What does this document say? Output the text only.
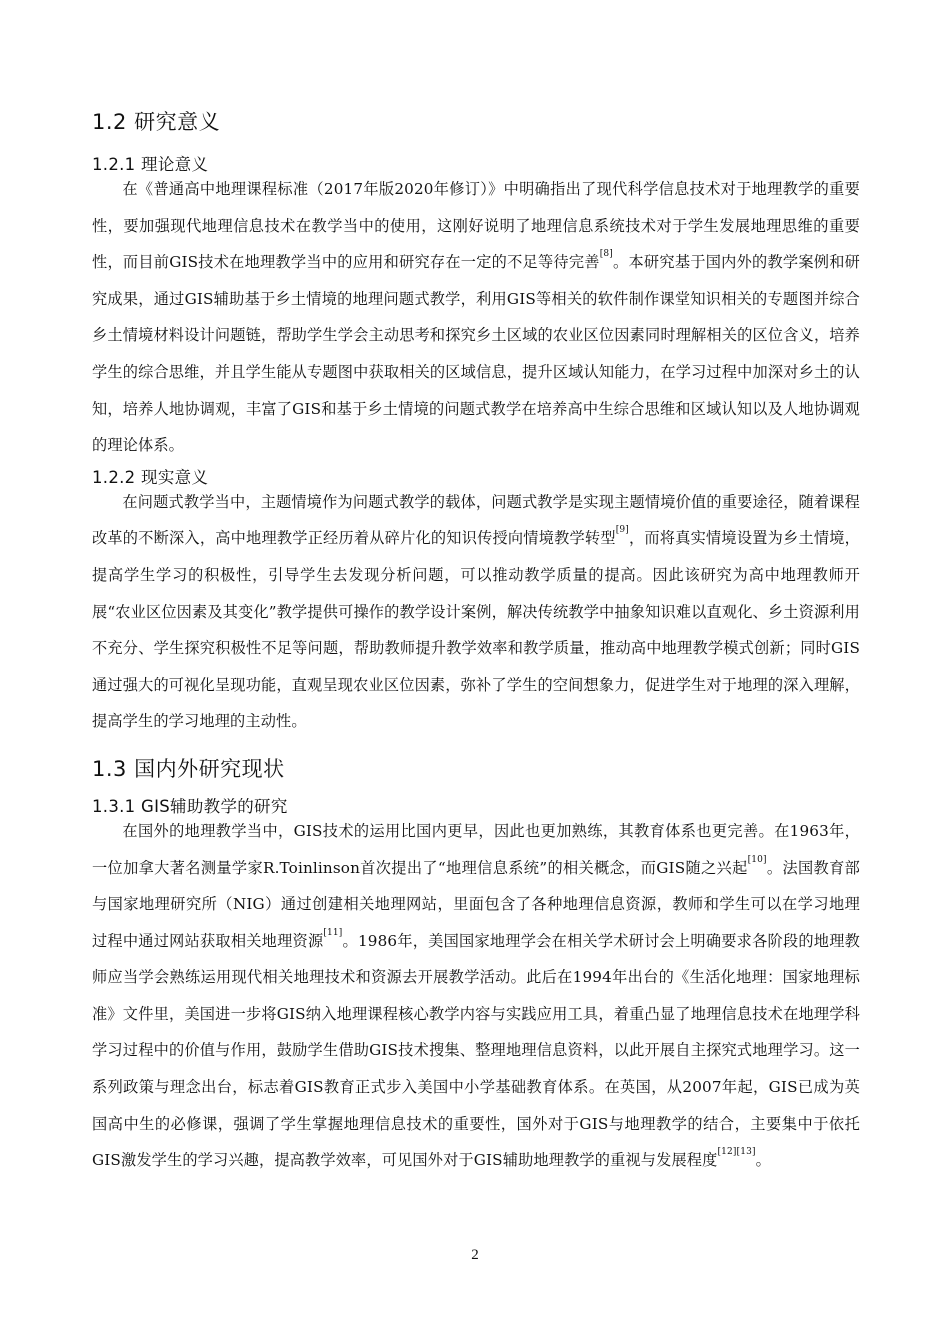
1.2 研究意义
1.2.1 理论意义

在《普通高中地理课程标准（2017年版2020年修订）》中明确指出了现代科学信息技术对于地理教学的重要性，要加强现代地理信息技术在教学当中的使用，这刚好说明了地理信息系统技术对于学生发展地理思维的重要性，而目前GIS技术在地理教学当中的应用和研究存在一定的不足等待完善[8]。本研究基于国内外的教学案例和研究成果，通过GIS辅助基于乡土情境的地理问题式教学，利用GIS等相关的软件制作课堂知识相关的专题图并综合乡土情境材料设计问题链，帮助学生学会主动思考和探究乡土区域的农业区位因素同时理解相关的区位含义，培养学生的综合思维，并且学生能从专题图中获取相关的区域信息，提升区域认知能力，在学习过程中加深对乡土的认知，培养人地协调观，丰富了GIS和基于乡土情境的问题式教学在培养高中生综合思维和区域认知以及人地协调观的理论体系。

1.2.2 现实意义

在问题式教学当中，主题情境作为问题式教学的载体，问题式教学是实现主题情境价值的重要途径，随着课程改革的不断深入，高中地理教学正经历着从碎片化的知识传授向情境教学转型[9]，而将真实情境设置为乡土情境，提高学生学习的积极性，引导学生去发现分析问题，可以推动教学质量的提高。因此该研究为高中地理教师开展“农业区位因素及其变化”教学提供可操作的教学设计案例，解决传统教学中抽象知识难以直观化、乡土资源利用不充分、学生探究积极性不足等问题，帮助教师提升教学效率和教学质量，推动高中地理教学模式创新；同时GIS通过强大的可视化呈现功能，直观呈现农业区位因素，弥补了学生的空间想象力，促进学生对于地理的深入理解，提高学生的学习地理的主动性。

1.3 国内外研究现状
1.3.1 GIS辅助教学的研究

在国外的地理教学当中，GIS技术的运用比国内更早，因此也更加熟练，其教育体系也更完善。在1963年，一位加拿大著名测量学家R.Toinlinson首次提出了“地理信息系统”的相关概念，而GIS随之兴起[10]。法国教育部与国家地理研究所（NIG）通过创建相关地理网站，里面包含了各种地理信息资源，教师和学生可以在学习地理过程中通过网站获取相关地理资源[11]。1986年，美国国家地理学会在相关学术研讨会上明确要求各阶段的地理教师应当学会熟练运用现代相关地理技术和资源去开展教学活动。此后在1994年出台的《生活化地理：国家地理标准》文件里，美国进一步将GIS纳入地理课程核心教学内容与实践应用工具，着重凸显了地理信息技术在地理学科学习过程中的价值与作用，鼓励学生借助GIS技术搜集、整理地理信息资料，以此开展自主探究式地理学习。这一系列政策与理念出台，标志着GIS教育正式步入美国中小学基础教育体系。在英国，从2007年起，GIS已成为英国高中生的必修课，强调了学生掌握地理信息技术的重要性，国外对于GIS与地理教学的结合，主要集中于依托GIS激发学生的学习兴趣，提高教学效率，可见国外对于GIS辅助地理教学的重视与发展程度[12][13]。

2
